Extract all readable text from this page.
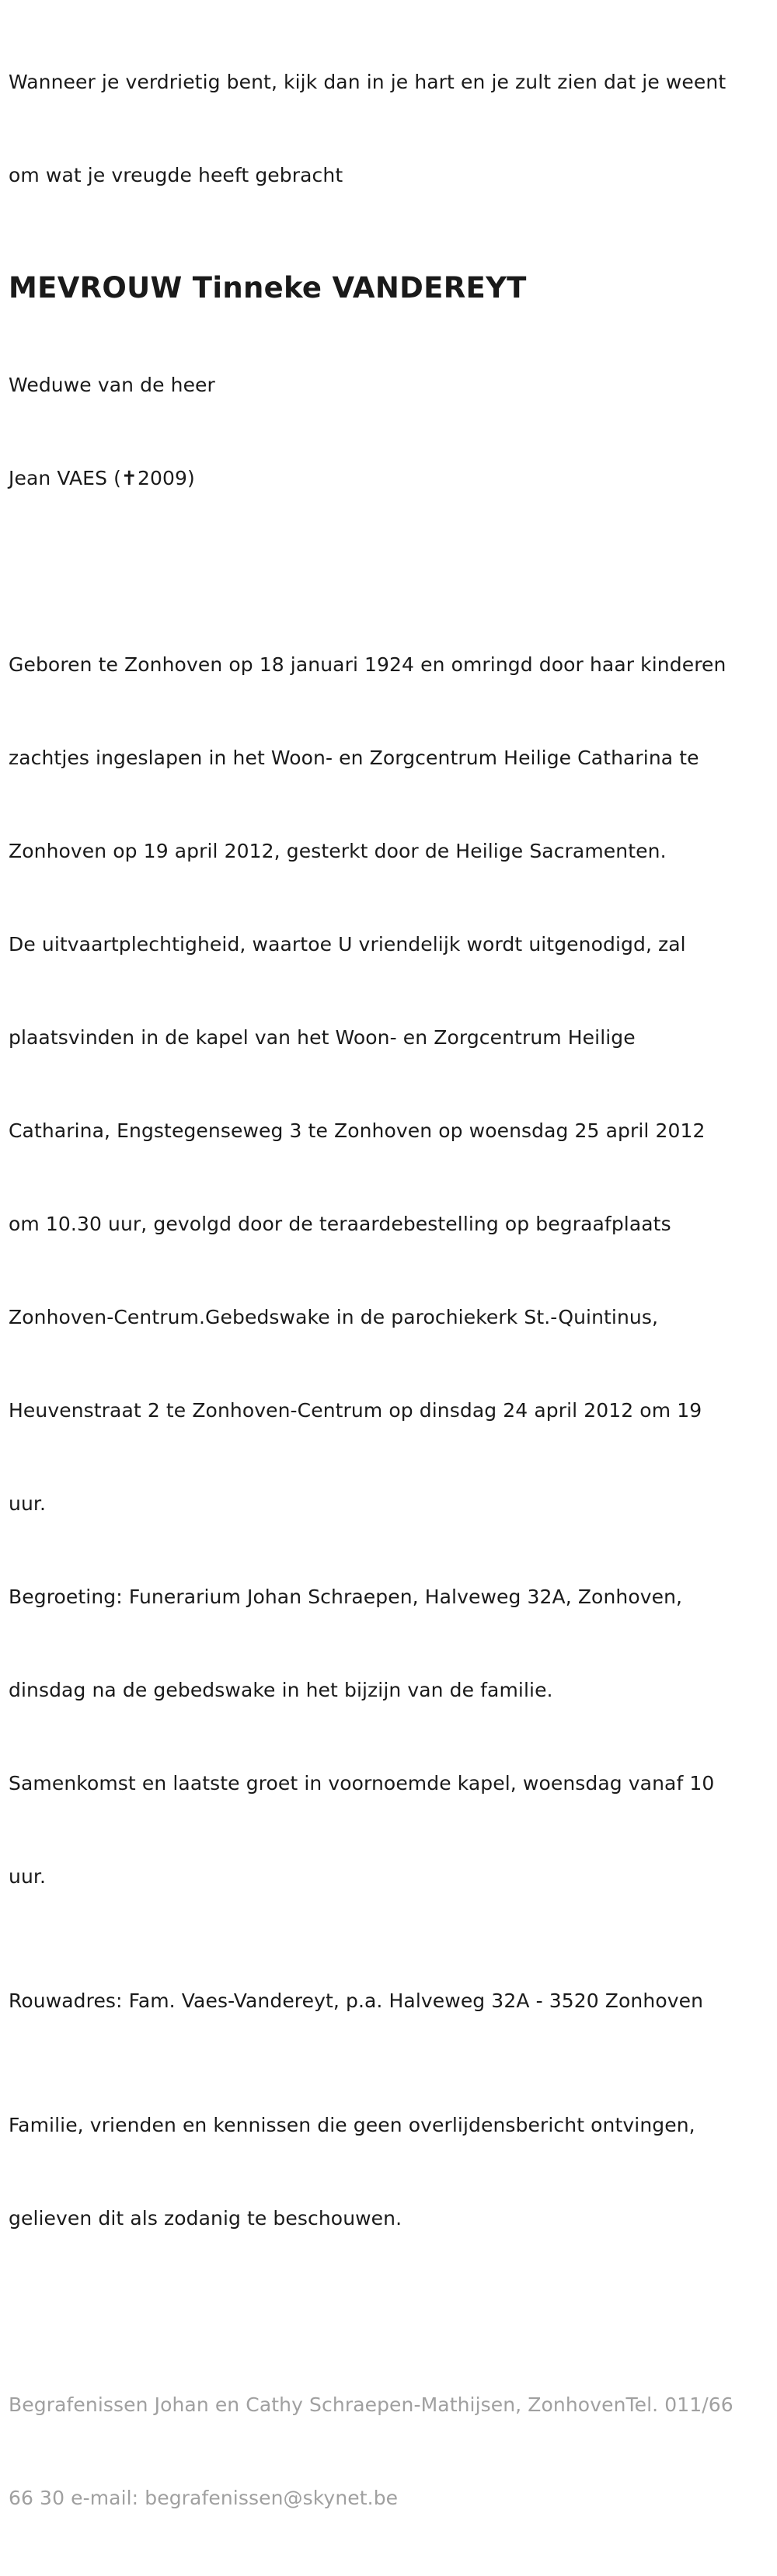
Wanneer je verdrietig bent, kijk dan in je hart en je zult zien dat je weent

om wat je vreugde heeft gebracht

MEVROUW Tinneke VANDEREYT

Weduwe van de heer

Jean VAES (✝2009)

Geboren te Zonhoven op 18 januari 1924 en omringd door haar kinderen

zachtjes ingeslapen in het Woon- en Zorgcentrum Heilige Catharina te

Zonhoven op 19 april 2012, gesterkt door de Heilige Sacramenten.

De uitvaartplechtigheid, waartoe U vriendelijk wordt uitgenodigd, zal

plaatsvinden in de kapel van het Woon- en Zorgcentrum Heilige

Catharina, Engstegenseweg 3 te Zonhoven op woensdag 25 april 2012

om 10.30 uur, gevolgd door de teraardebestelling op begraafplaats

Zonhoven-Centrum.Gebedswake in de parochiekerk St.-Quintinus,

Heuvenstraat 2 te Zonhoven-Centrum op dinsdag 24 april 2012 om 19

uur.

Begroeting: Funerarium Johan Schraepen, Halveweg 32A, Zonhoven,

dinsdag na de gebedswake in het bijzijn van de familie.

Samenkomst en laatste groet in voornoemde kapel, woensdag vanaf 10

uur.

Rouwadres: Fam. Vaes-Vandereyt, p.a. Halveweg 32A - 3520 Zonhoven

Familie, vrienden en kennissen die geen overlijdensbericht ontvingen,

gelieven dit als zodanig te beschouwen.

Begrafenissen Johan en Cathy Schraepen-Mathijsen, ZonhovenTel. 011/66

66 30 e-mail: begrafenissen@skynet.be
